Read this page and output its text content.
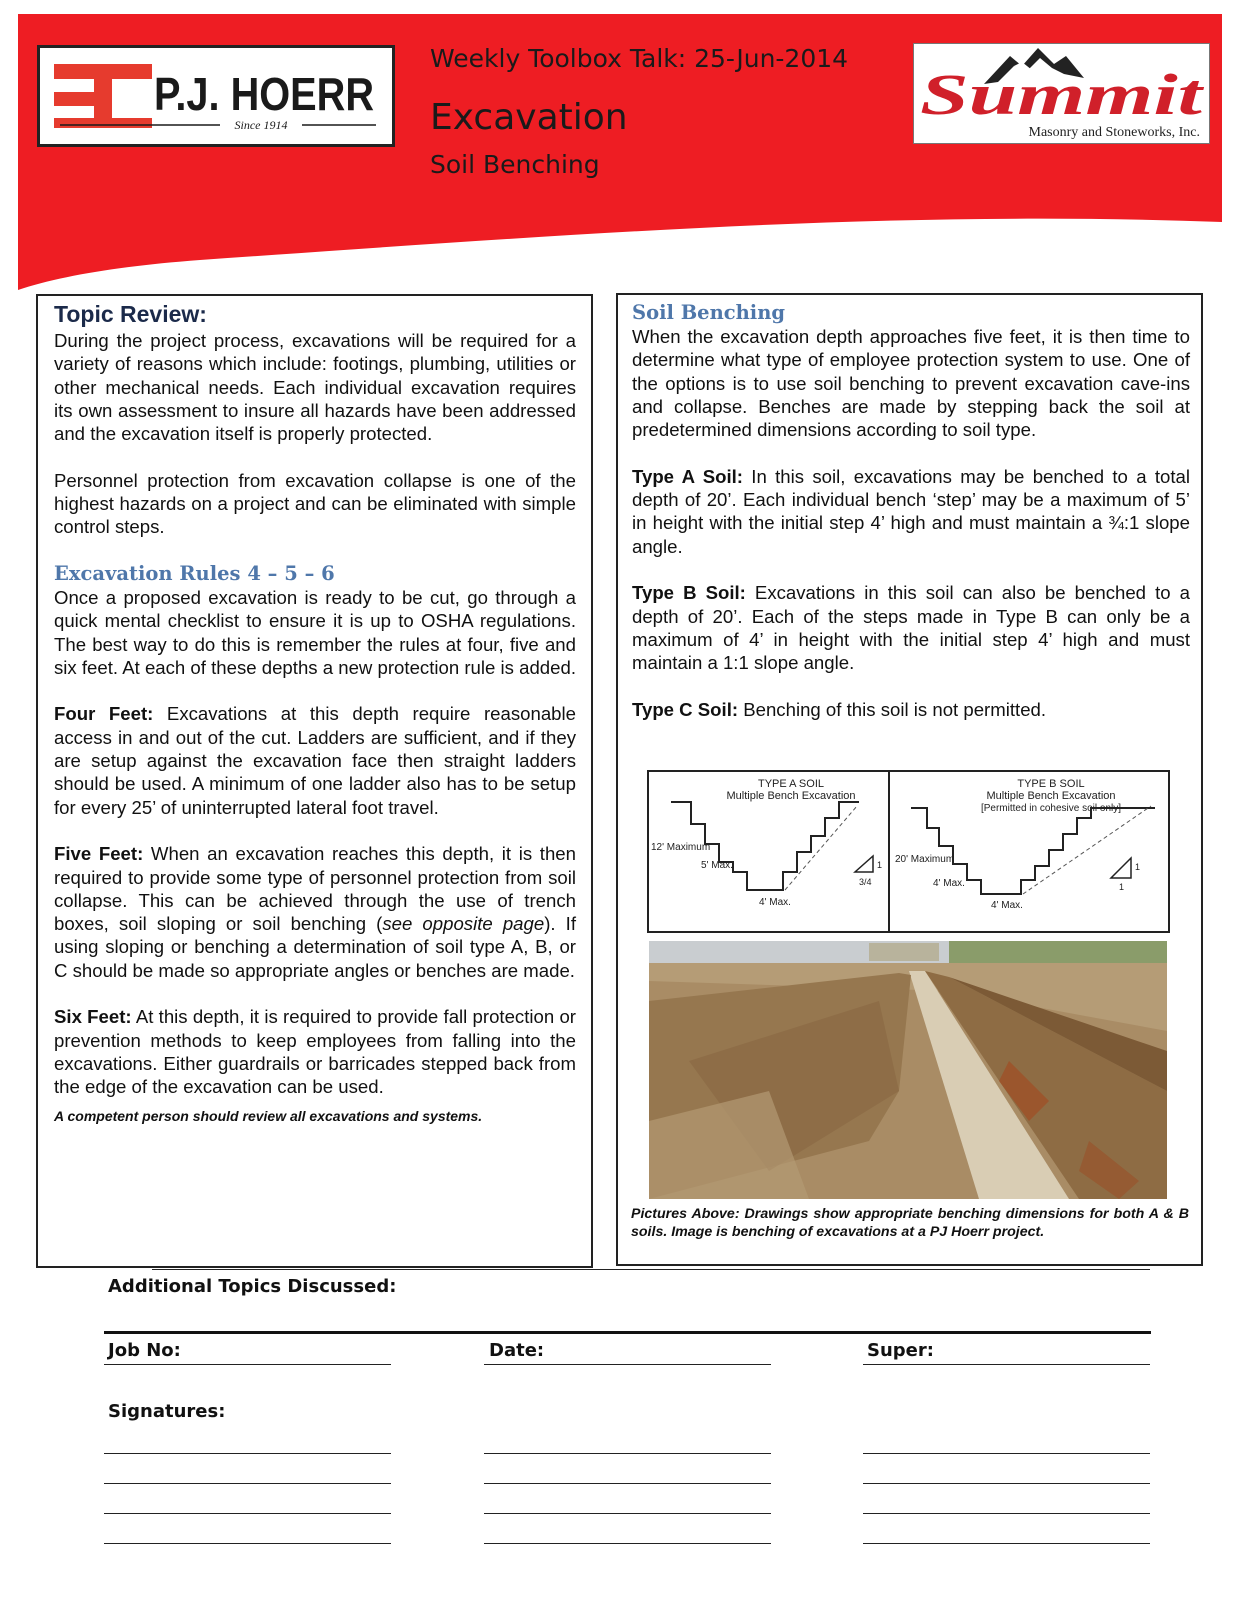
P.J. HOERR
Since 1914	Summit
Masonry and Stoneworks, Inc.
Weekly Toolbox Talk: 25-Jun-2014
Excavation
Soil Benching
Topic Review:

During the project process, excavations will be required for a variety of reasons which include: footings, plumbing, utilities or other mechanical needs. Each individual excavation requires its own assessment to insure all hazards have been addressed and the excavation itself is properly protected.

Personnel protection from excavation collapse is one of the highest hazards on a project and can be eliminated with simple control steps.

Excavation Rules 4 – 5 – 6

Once a proposed excavation is ready to be cut, go through a quick mental checklist to ensure it is up to OSHA regulations. The best way to do this is remember the rules at four, five and six feet. At each of these depths a new protection rule is added.

Four Feet: Excavations at this depth require reasonable access in and out of the cut. Ladders are sufficient, and if they are setup against the excavation face then straight ladders should be used. A minimum of one ladder also has to be setup for every 25’ of uninterrupted lateral foot travel.

Five Feet: When an excavation reaches this depth, it is then required to provide some type of personnel protection from soil collapse. This can be achieved through the use of trench boxes, soil sloping or soil benching (see opposite page). If using sloping or benching a determination of soil type A, B, or C should be made so appropriate angles or benches are made.

Six Feet: At this depth, it is required to provide fall protection or prevention methods to keep employees from falling into the excavations. Either guardrails or barricades stepped back from the edge of the excavation can be used.

A competent person should review all excavations and systems.
Soil Benching

When the excavation depth approaches five feet, it is then time to determine what type of employee protection system to use. One of the options is to use soil benching to prevent excavation cave-ins and collapse. Benches are made by stepping back the soil at predetermined dimensions according to soil type.

Type A Soil: In this soil, excavations may be benched to a total depth of 20’. Each individual bench ‘step’ may be a maximum of 5’ in height with the initial step 4’ high and must maintain a ¾:1 slope angle.

Type B Soil: Excavations in this soil can also be benched to a depth of 20’. Each of the steps made in Type B can only be a maximum of 4’ in height with the initial step 4’ high and must maintain a 1:1 slope angle.

Type C Soil: Benching of this soil is not permitted.

TYPE A SOIL
Multiple Bench Excavation
12' Maximum
5' Max.
4' Max.
1
3/4
TYPE B SOIL
Multiple Bench Excavation
[Permitted in cohesive soil only]
20' Maximum
4' Max.
4' Max.
1
1
Pictures Above: Drawings show appropriate benching dimensions for both A & B soils. Image is benching of excavations at a PJ Hoerr project.
Additional Topics Discussed:
Job No:	Date:	Super:
Signatures:
